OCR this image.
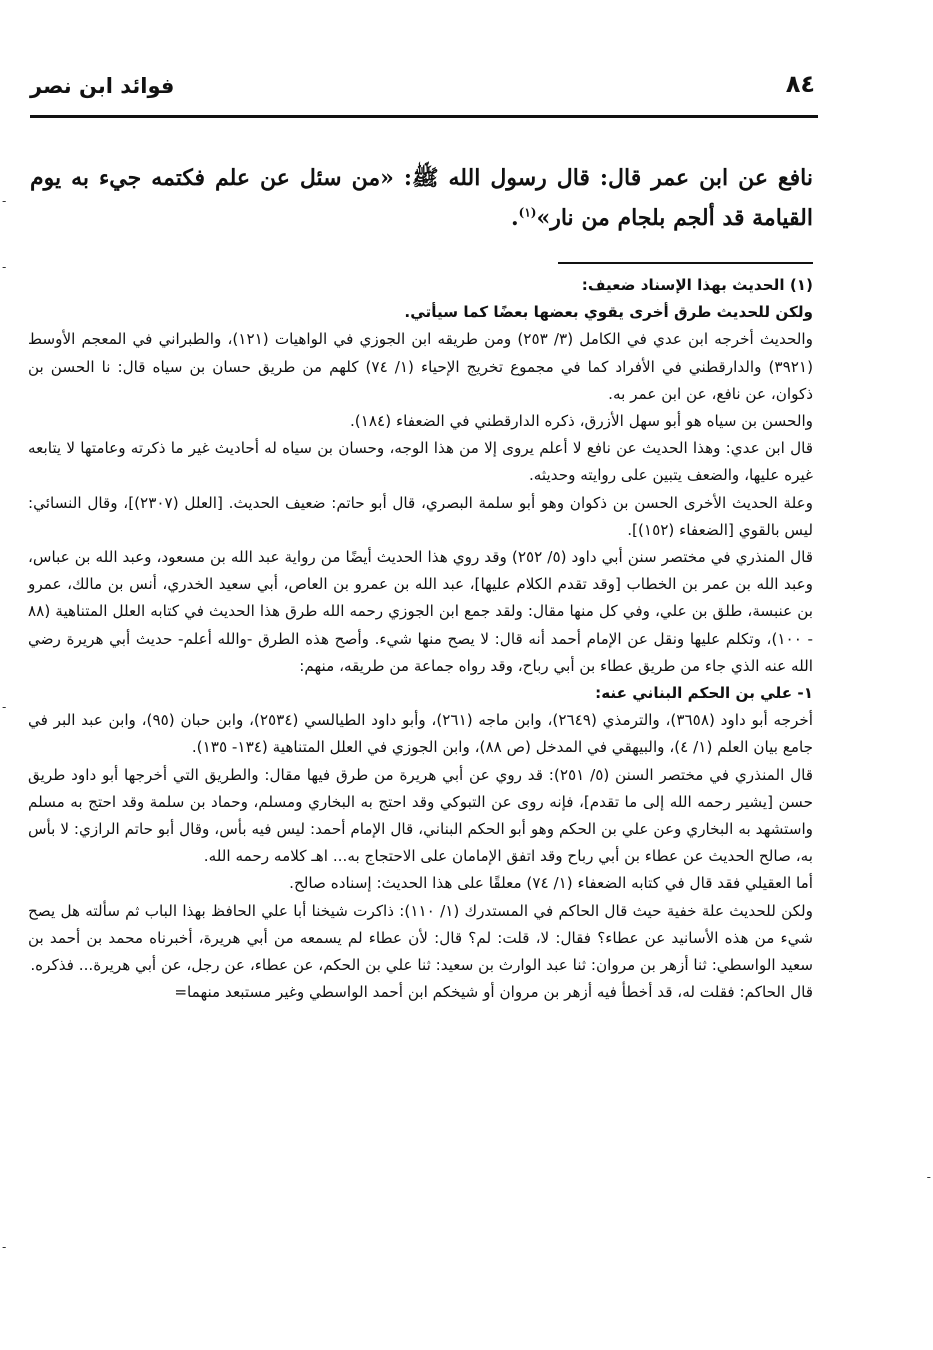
٨٤
فوائد ابن نصر

نافع عن ابن عمر قال: قال رسول الله ﷺ: «من سئل عن علم فكتمه جيء به يوم القيامة قد ألجم بلجام من نار»$^{(١)}$.

(١) الحديث بهذا الإسناد ضعيف:

ولكن للحديث طرق أخرى يقوي بعضها بعضًا كما سيأتي.

والحديث أخرجه ابن عدي في الكامل (٣/ ٢٥٣) ومن طريقه ابن الجوزي في الواهيات (١٢١)، والطبراني في المعجم الأوسط (٣٩٢١) والدارقطني في الأفراد كما في مجموع تخريج الإحياء (١/ ٧٤) كلهم من طريق حسان بن سياه قال: نا الحسن بن ذكوان، عن نافع، عن ابن عمر به.

والحسن بن سياه هو أبو سهل الأزرق، ذكره الدارقطني في الضعفاء (١٨٤).

قال ابن عدي: وهذا الحديث عن نافع لا أعلم يروى إلا من هذا الوجه، وحسان بن سياه له أحاديث غير ما ذكرته وعامتها لا يتابعه غيره عليها، والضعف يتبين على روايته وحديثه.

وعلة الحديث الأخرى الحسن بن ذكوان وهو أبو سلمة البصري، قال أبو حاتم: ضعيف الحديث. [العلل (٢٣٠٧)]، وقال النسائي: ليس بالقوي [الضعفاء (١٥٢)].

قال المنذري في مختصر سنن أبي داود (٥/ ٢٥٢) وقد روي هذا الحديث أيضًا من رواية عبد الله بن مسعود، وعبد الله بن عباس، وعبد الله بن عمر بن الخطاب [وقد تقدم الكلام عليها]، عبد الله بن عمرو بن العاص، أبي سعيد الخدري، أنس بن مالك، عمرو بن عنبسة، طلق بن علي، وفي كل منها مقال: ولقد جمع ابن الجوزي رحمه الله طرق هذا الحديث في كتابه العلل المتناهية (٨٨ - ١٠٠)، وتكلم عليها ونقل عن الإمام أحمد أنه قال: لا يصح منها شيء. وأصح هذه الطرق -والله أعلم- حديث أبي هريرة رضي الله عنه الذي جاء من طريق عطاء بن أبي رباح، وقد رواه جماعة من طريقه، منهم:

١- علي بن الحكم البناني عنه:

أخرجه أبو داود (٣٦٥٨)، والترمذي (٢٦٤٩)، وابن ماجه (٢٦١)، وأبو داود الطيالسي (٢٥٣٤)، وابن حبان (٩٥)، وابن عبد البر في جامع بيان العلم (١/ ٤)، والبيهقي في المدخل (ص ٨٨)، وابن الجوزي في العلل المتناهية (١٣٤- ١٣٥).

قال المنذري في مختصر السنن (٥/ ٢٥١): قد روي عن أبي هريرة من طرق فيها مقال: والطريق التي أخرجها أبو داود طريق حسن [يشير رحمه الله إلى ما تقدم]، فإنه روى عن التبوكي وقد احتج به البخاري ومسلم، وحماد بن سلمة وقد احتج به مسلم واستشهد به البخاري وعن علي بن الحكم وهو أبو الحكم البناني، قال الإمام أحمد: ليس فيه بأس، وقال أبو حاتم الرازي: لا بأس به، صالح الحديث عن عطاء بن أبي رباح وقد اتفق الإمامان على الاحتجاج به... اهـ كلامه رحمه الله.

أما العقيلي فقد قال في كتابه الضعفاء (١/ ٧٤) معلقًا على هذا الحديث: إسناده صالح.

ولكن للحديث علة خفية حيث قال الحاكم في المستدرك (١/ ١١٠): ذاكرت شيخنا أبا علي الحافظ بهذا الباب ثم سألته هل يصح شيء من هذه الأسانيد عن عطاء؟ فقال: لا، قلت: لم؟ قال: لأن عطاء لم يسمعه من أبي هريرة، أخبرناه محمد بن أحمد بن سعيد الواسطي: ثنا أزهر بن مروان: ثنا عبد الوارث بن سعيد: ثنا علي بن الحكم، عن عطاء، عن رجل، عن أبي هريرة... فذكره.

قال الحاكم: فقلت له، قد أخطأ فيه أزهر بن مروان أو شيخكم ابن أحمد الواسطي وغير مستبعد منهما=

-
-
-
-
-
